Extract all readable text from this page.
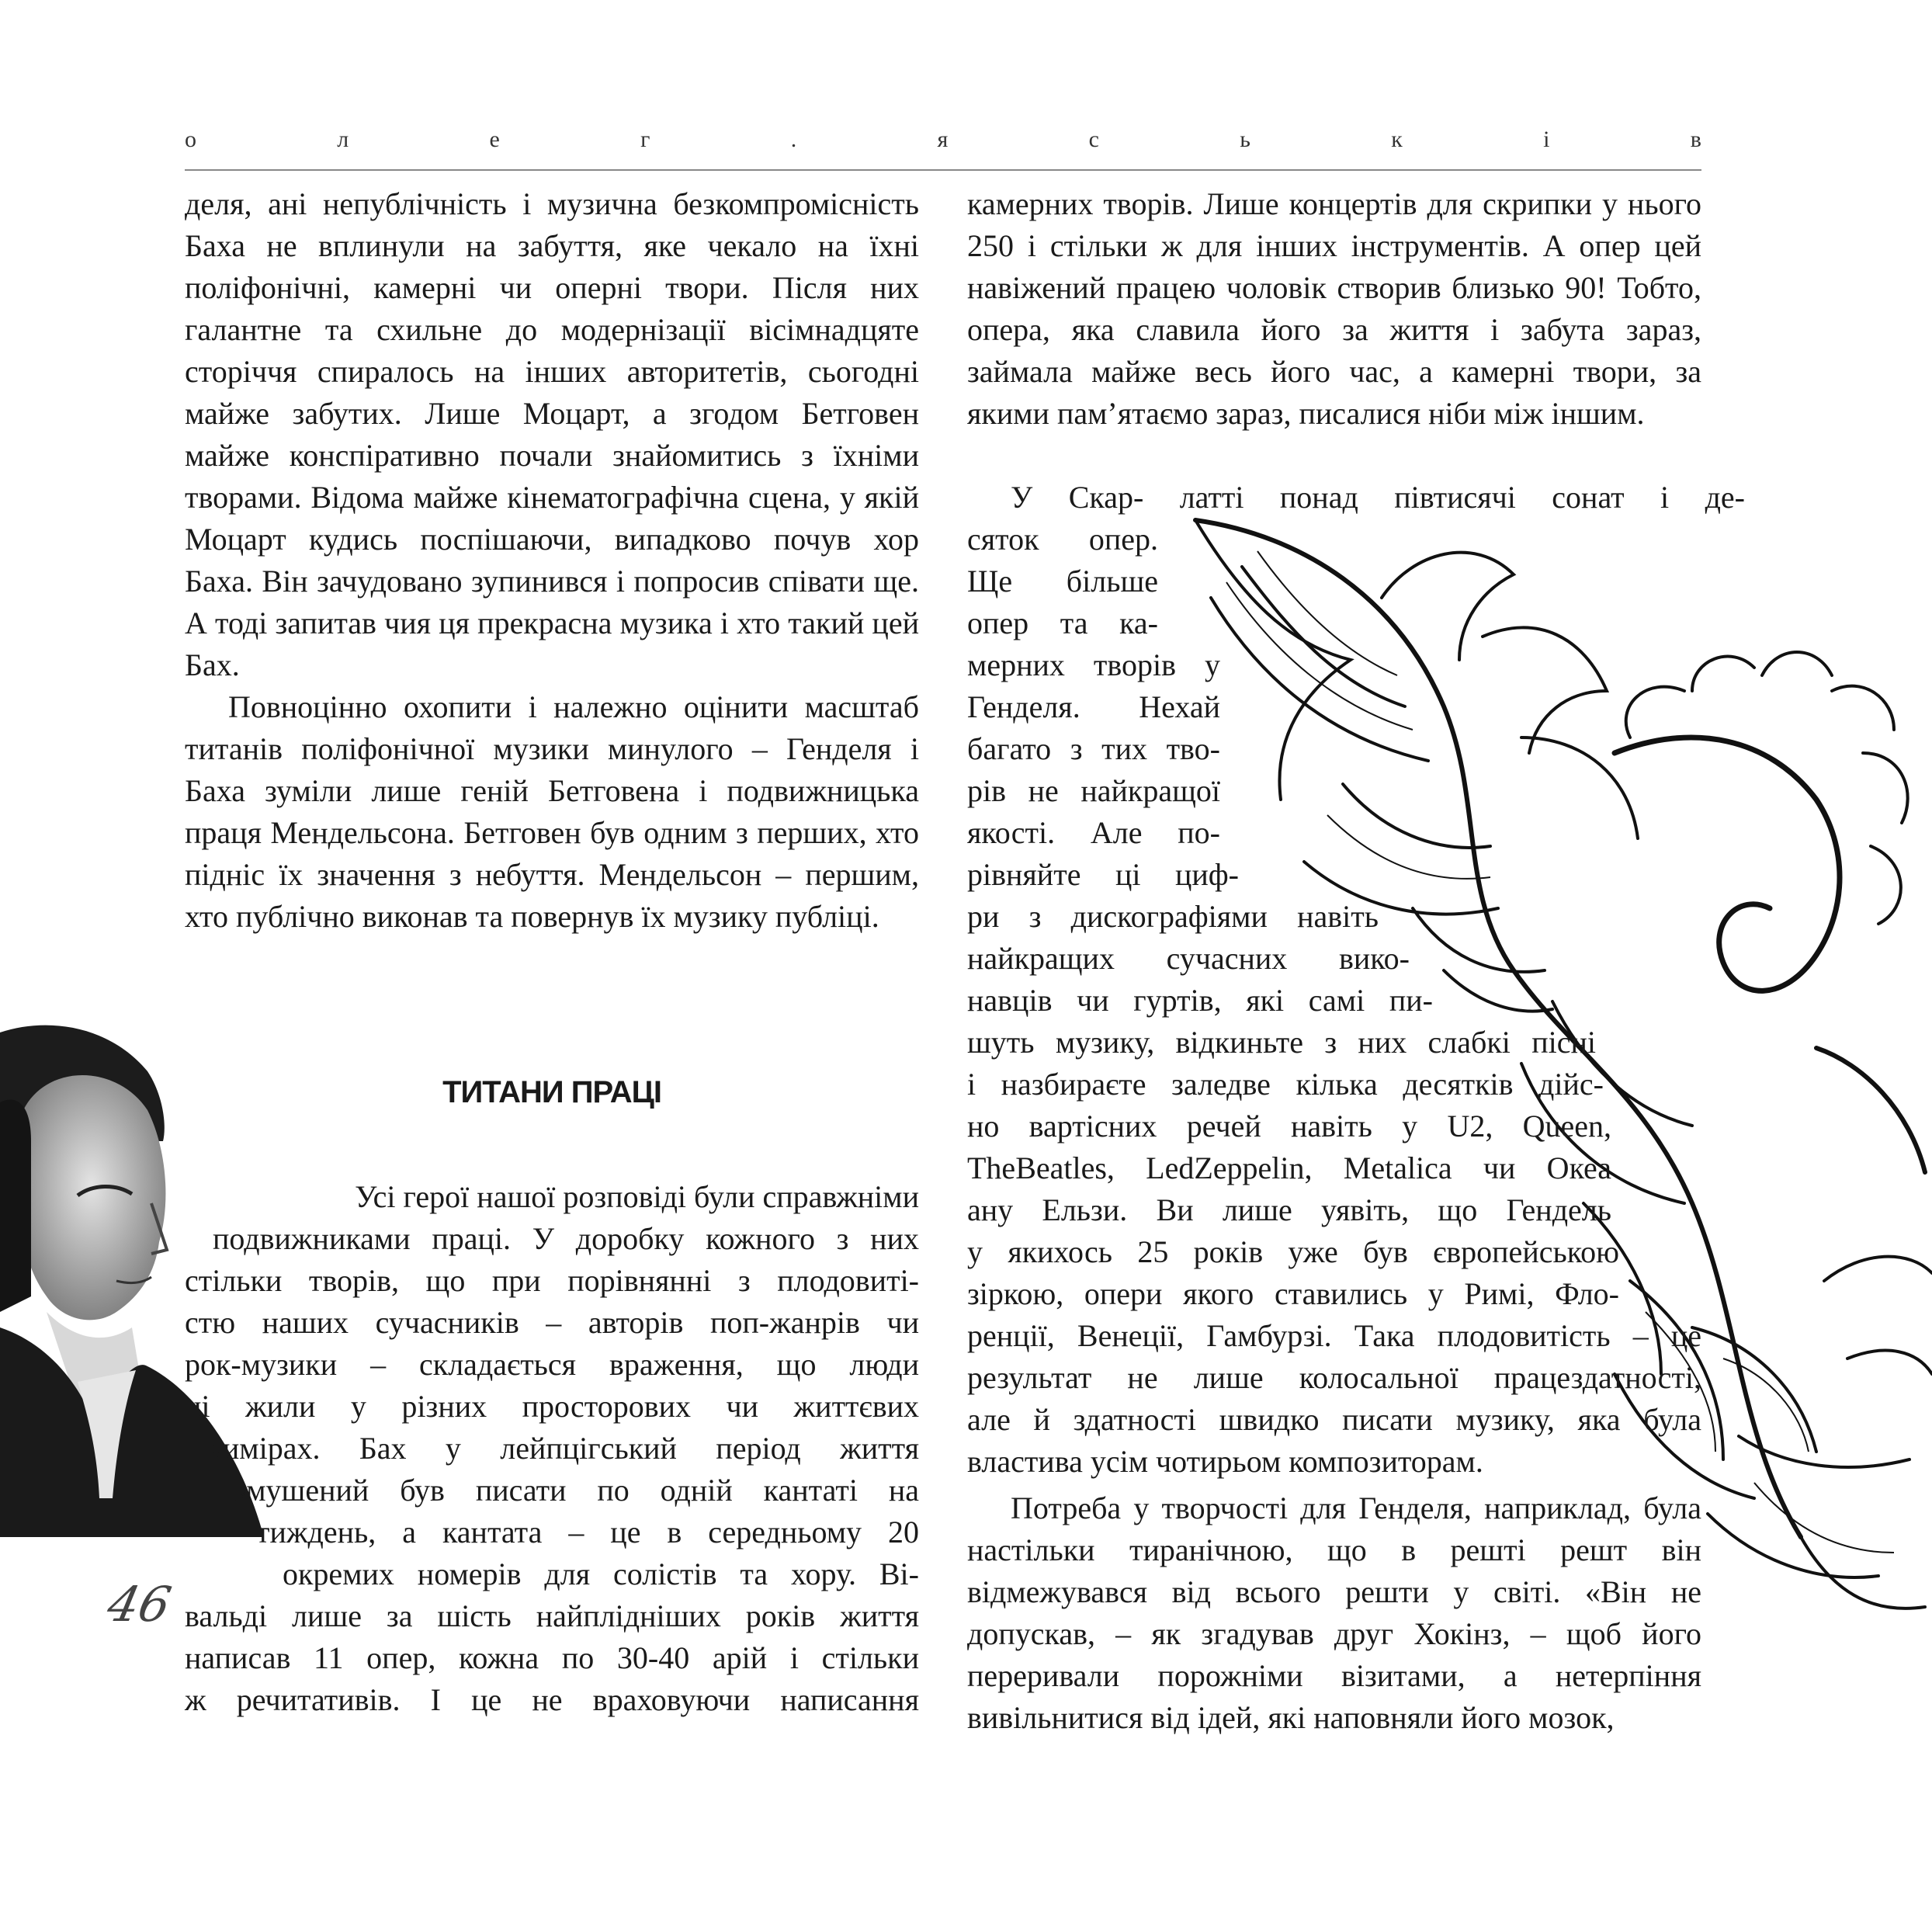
о	л	е	г	.	я	с	ь	к	і	в
46

деля, ані непублічність і музична безкомпромісність Баха не вплинули на забуття, яке чекало на їхні поліфонічні, камерні чи оперні твори. Після них галантне та схильне до модернізації вісімнадцяте сторіччя спиралось на інших авторитетів, сьогодні майже забутих. Лише Моцарт, а згодом Бетговен майже конспіративно почали знайомитись з їхніми творами. Відома майже кінематографічна сцена, у якій Моцарт кудись поспішаючи, випадково почув хор Баха. Він зачудовано зупинився і попросив співати ще. А тоді запитав чия ця прекрасна музика і хто такий цей Бах.

Повноцінно охопити і належно оцінити масштаб титанів поліфонічної музики минулого – Генделя і Баха зуміли лише геній Бетговена і подвижницька праця Мендельсона. Бетговен був одним з перших, хто підніс їх значення з небуття. Мендельсон – першим, хто публічно виконав та повернув їх музику публіці.

ТИТАНИ ПРАЦІ
Усі герої нашої розповіді були справжніми
подвижниками праці. У доробку кожного з них
стільки творів, що при порівнянні з плодовиті-
стю наших сучасників – авторів поп-жанрів чи
рок-музики – складається враження, що люди
ці жили у різних просторових чи життєвих
вимірах. Бах у лейпцігський період життя
змушений був писати по одній кантаті на
тиждень, а кантата – це в середньому 20
окремих номерів для солістів та хору. Ві-
вальді лише за шість найплідніших років життя
написав 11 опер, кожна по 30-40 арій і стільки
ж речитативів. І це не враховуючи написання

камерних творів. Лише концертів для скрипки у нього 250 і стільки ж для інших інструментів. А опер цей навіжений працею чоловік створив близько 90! Тобто, опера, яка славила його за життя і забута зараз, займала майже весь його час, а камерні твори, за якими пам’ятаємо зараз, писалися ніби між іншим.

У Скар- латті понад півтисячі сонат і де-
сяток опер.
Ще більше
опер та ка-
мерних творів у
Генделя. Нехай
багато з тих тво-
рів не найкращої
якості. Але по-
рівняйте ці циф-
ри з дискографіями навіть
найкращих сучасних вико-
навців чи гуртів, які самі пи-
шуть музику, відкиньте з них слабкі пісні
і назбираєте заледве кілька десятків дійс-
но вартісних речей навіть у U2, Queen,
TheBeatles, LedZeppelin, Metalica чи Океа
ану Ельзи. Ви лише уявіть, що Гендель
у якихось 25 років уже був європейською
зіркою, опери якого ставились у Римі, Фло-
ренції, Венеції, Гамбурзі. Така плодовитість – це
результат не лише колосальної працездатності,
але й здатності швидко писати музику, яка була
властива усім чотирьом композиторам.

Потреба у творчості для Генделя, наприклад, була настільки тиранічною, що в решті решт він відмежувався від всього решти у світі. «Він не допускав, – як згадував друг Хокінз, – щоб його переривали порожніми візитами, а нетерпіння вивільнитися від ідей, які наповняли його мозок,
